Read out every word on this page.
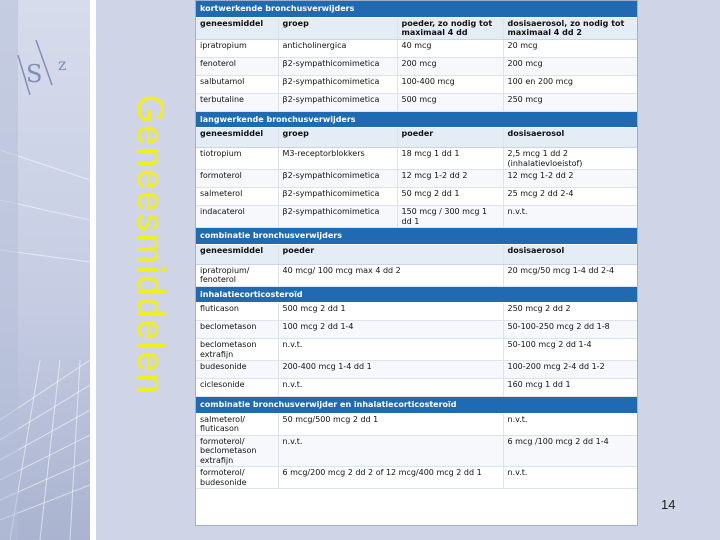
S z
Geneesmiddelen
kortwerkende bronchusverwijders			
geneesmiddel	groep	poeder, zo nodig tot maximaal 4 dd	dosisaerosol, zo nodig tot maximaal 4 dd 2
ipratropium	anticholinergica	40 mcg	20 mcg
fenoterol	β2-sympathicomimetica	200 mcg	200 mcg
salbutamol	β2-sympathicomimetica	100-400 mcg	100 en 200 mcg
terbutaline	β2-sympathicomimetica	500 mcg	250 mcg
langwerkende bronchusverwijders			
geneesmiddel	groep	poeder	dosisaerosol
tiotropium	M3-receptorblokkers	18 mcg 1 dd 1	2,5 mcg 1 dd 2 (inhalatievloeistof)
formoterol	β2-sympathicomimetica	12 mcg 1-2 dd 2	12 mcg 1-2 dd 2
salmeterol	β2-sympathicomimetica	50 mcg 2 dd 1	25 mcg 2 dd 2-4
indacaterol	β2-sympathicomimetica	150 mcg / 300 mcg 1 dd 1	n.v.t.
combinatie bronchusverwijders			
geneesmiddel	poeder		dosisaerosol
ipratropium/ fenoterol	40 mcg/ 100 mcg max 4 dd 2		20 mcg/50 mcg 1-4 dd 2-4
inhalatiecorticosteroïd			
fluticason	500 mcg 2 dd 1		250 mcg 2 dd 2
beclometason	100 mcg 2 dd 1-4		50-100-250 mcg 2 dd 1-8
beclometason extrafijn	n.v.t.		50-100 mcg 2 dd 1-4
budesonide	200-400 mcg 1-4 dd 1		100-200 mcg 2-4 dd 1-2
ciclesonide	n.v.t.		160 mcg 1 dd 1
combinatie bronchusverwijder en inhalatiecorticosteroïd			
salmeterol/ fluticason	50 mcg/500 mcg 2 dd 1		n.v.t.
formoterol/ beclometason extrafijn	n.v.t.		6 mcg /100 mcg 2 dd 1-4
formoterol/ budesonide	6 mcg/200 mcg 2 dd 2 of 12 mcg/400 mcg 2 dd 1		n.v.t.
14
